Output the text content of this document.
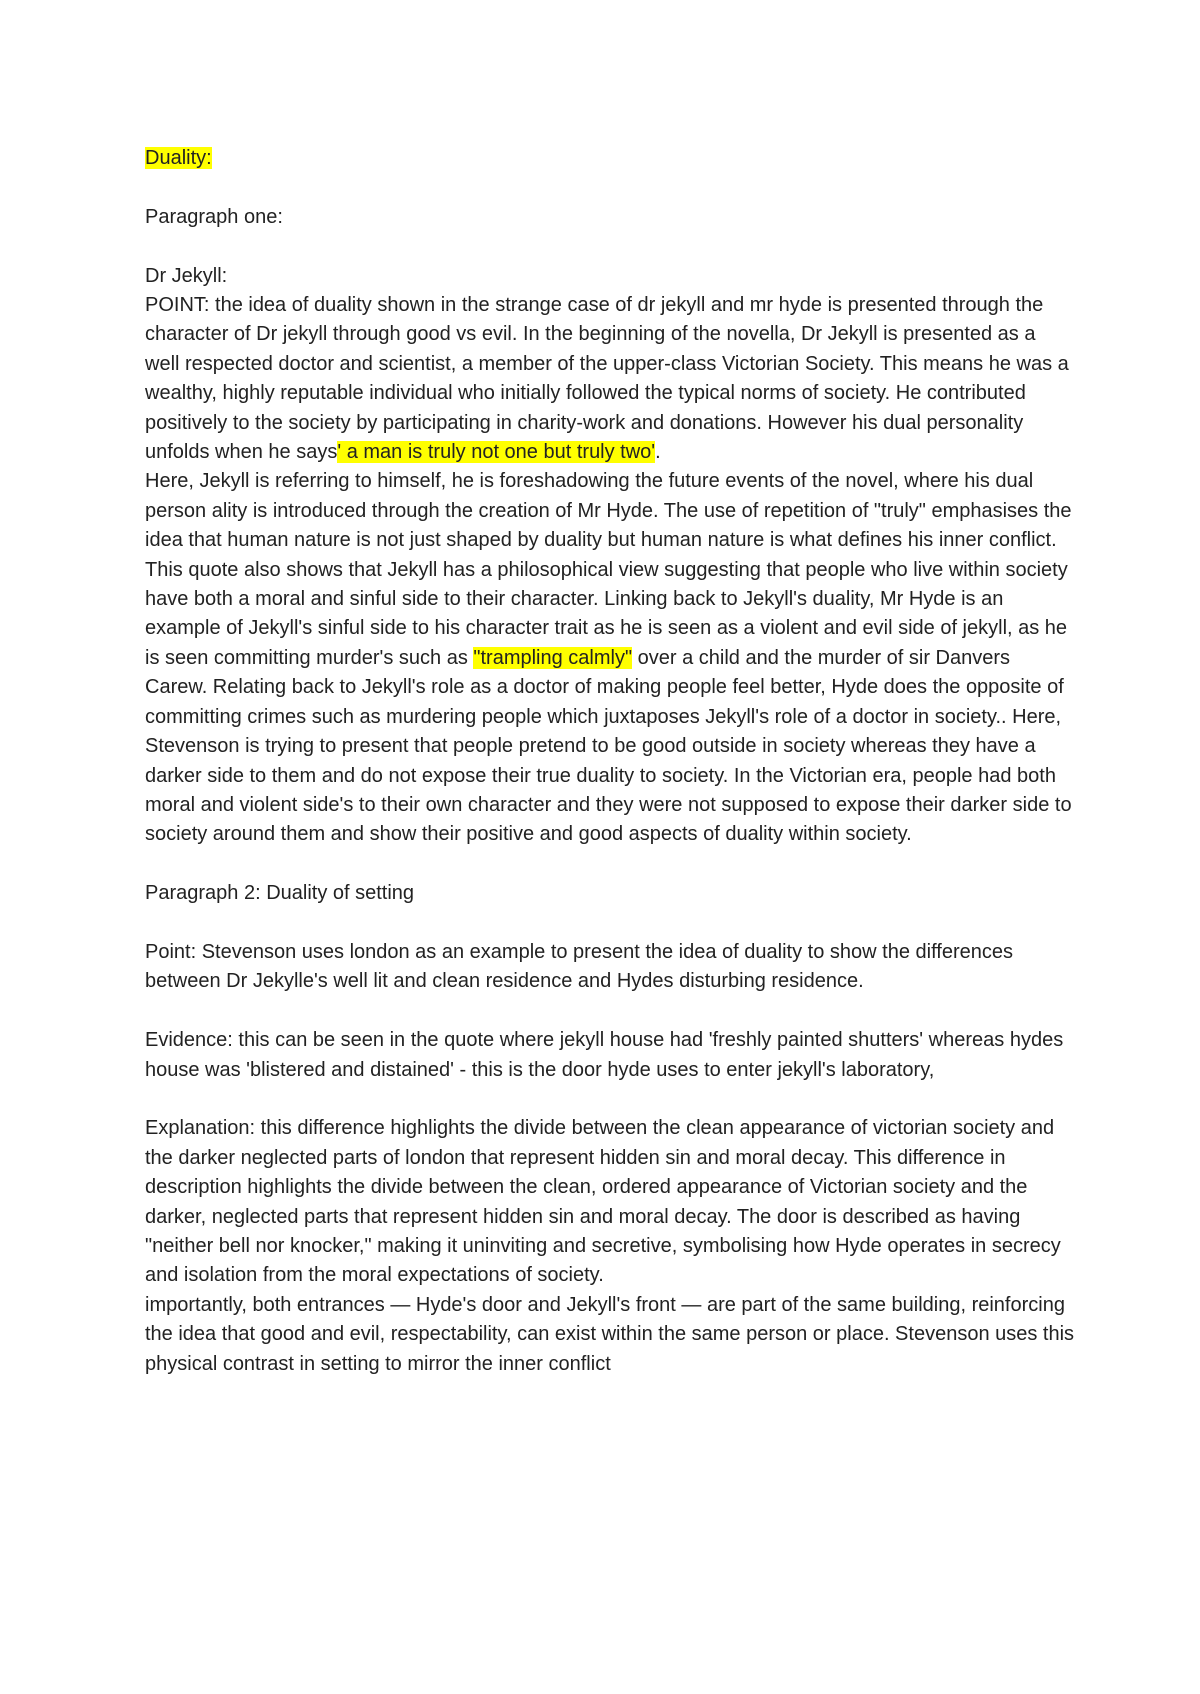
Duality:

Paragraph one:

Dr Jekyll:

POINT: the idea of duality shown in the strange case of dr jekyll and mr hyde is presented through the character of Dr jekyll through good vs evil. In the beginning of the novella, Dr Jekyll is presented as a well respected doctor and scientist, a member of the upper-class Victorian Society. This means he was a wealthy, highly reputable individual who initially followed the typical norms of society. He contributed positively to the society by participating in charity-work and donations. However his dual personality unfolds when he says' a man is truly not one but truly two'.

Here, Jekyll is referring to himself, he is foreshadowing the future events of the novel, where his dual person ality is introduced through the creation of Mr Hyde. The use of repetition of "truly" emphasises the idea that human nature is not just shaped by duality but human nature is what defines his inner conflict. This quote also shows that Jekyll has a philosophical view suggesting that people who live within society have both a moral and sinful side to their character. Linking back to Jekyll's duality, Mr Hyde is an example of Jekyll's sinful side to his character trait as he is seen as a violent and evil side of jekyll, as he is seen committing murder's such as "trampling calmly" over a child and the murder of sir Danvers Carew. Relating back to Jekyll's role as a doctor of making people feel better, Hyde does the opposite of committing crimes such as murdering people which juxtaposes Jekyll's role of a doctor in society.. Here, Stevenson is trying to present that people pretend to be good outside in society whereas they have a darker side to them and do not expose their true duality to society. In the Victorian era, people had both moral and violent side's to their own character and they were not supposed to expose their darker side to society around them and show their positive and good aspects of duality within society.

Paragraph 2: Duality of setting

Point: Stevenson uses london as an example to present the idea of duality to show the differences between Dr Jekylle's well lit and clean residence and Hydes disturbing residence.

Evidence: this can be seen in the quote where jekyll house had 'freshly painted shutters' whereas hydes house was 'blistered and distained' - this is the door hyde uses to enter jekyll's laboratory,

Explanation: this difference highlights the divide between the clean appearance of victorian society and the darker neglected parts of london that represent hidden sin and moral decay. This difference in description highlights the divide between the clean, ordered appearance of Victorian society and the darker, neglected parts that represent hidden sin and moral decay. The door is described as having "neither bell nor knocker," making it uninviting and secretive, symbolising how Hyde operates in secrecy and isolation from the moral expectations of society.

importantly, both entrances — Hyde's door and Jekyll's front — are part of the same building, reinforcing the idea that good and evil, respectability, can exist within the same person or place. Stevenson uses this physical contrast in setting to mirror the inner conflict
